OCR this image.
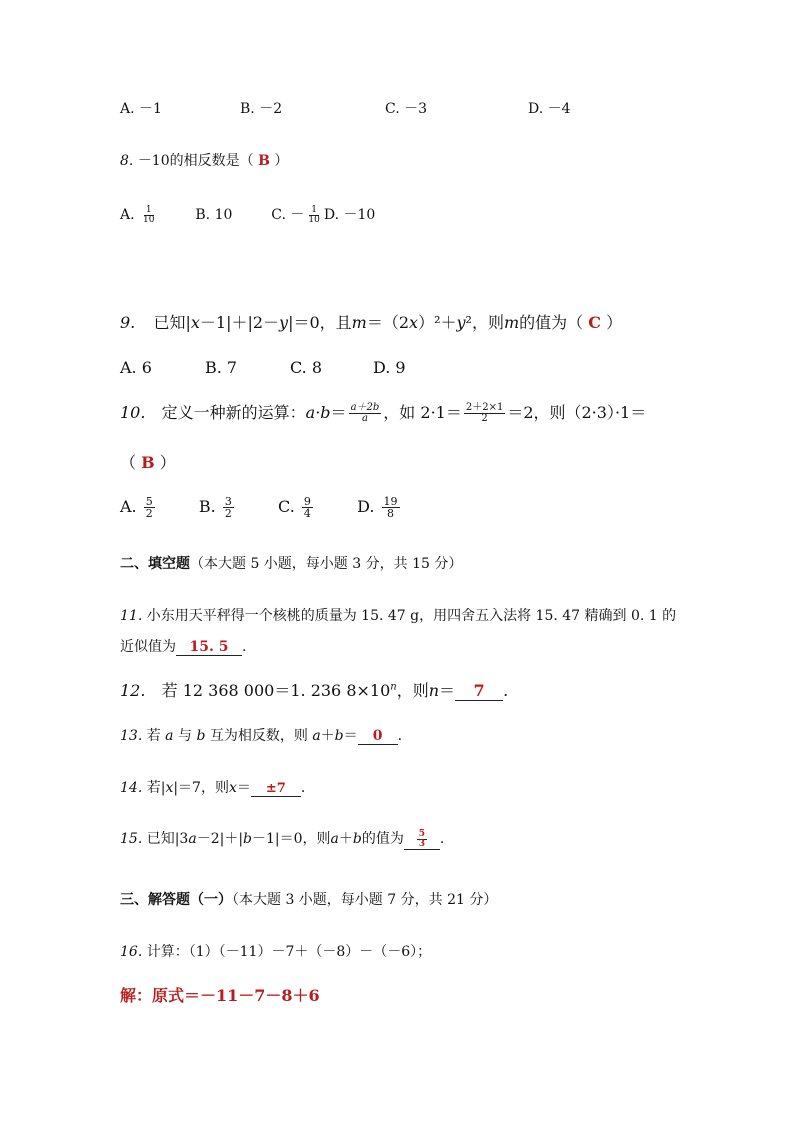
A. －1	B. －2	C. －3	D. －4
8. －10的相反数是（ B ）
A. $\frac{1}{10}$	B. 10	C. － $\frac{1}{10} D$. －10
9. 已知|x－1|＋|2－y|＝0，且m＝（2x）²＋y²，则m的值为（ C ）
A. 6	B. 7	C. 8	D. 9
10. 定义一种新的运算：$a\cdot b= \frac{a+2b}{a}$ ，如 $2\cdot 1= \frac{2+2\times 1}{2} =2$，则（2·3）·1＝
（ B ）
A. $\frac{5}{2}$	B. $\frac{3}{2}$	C. $\frac{9}{4}$	D. $\frac{19}{8}$
二、填空题（本大题 5 小题，每小题 3 分，共 15 分）
11. 小东用天平秤得一个核桃的质量为 15. 47 g，用四舍五入法将 15. 47 精确到 0. 1 的
近似值为 15. 5 .
12. 若 12 368 000＝1. 236 $8\times 10^n$，则n＝ 7 .
13. 若 a 与 b 互为相反数，则 a＋b＝ 0 .
14. 若|x|＝7，则x＝ ±7 .
15. 已知|3a－2|＋|b－1|＝0，则a＋b的值为 $\frac{5}{3}$ .
三、解答题（一）（本大题 3 小题，每小题 7 分，共 21 分）
16. 计算：（1）（－11）－7＋（－8）－（－6）；
解：原式＝－11－7－8＋6
